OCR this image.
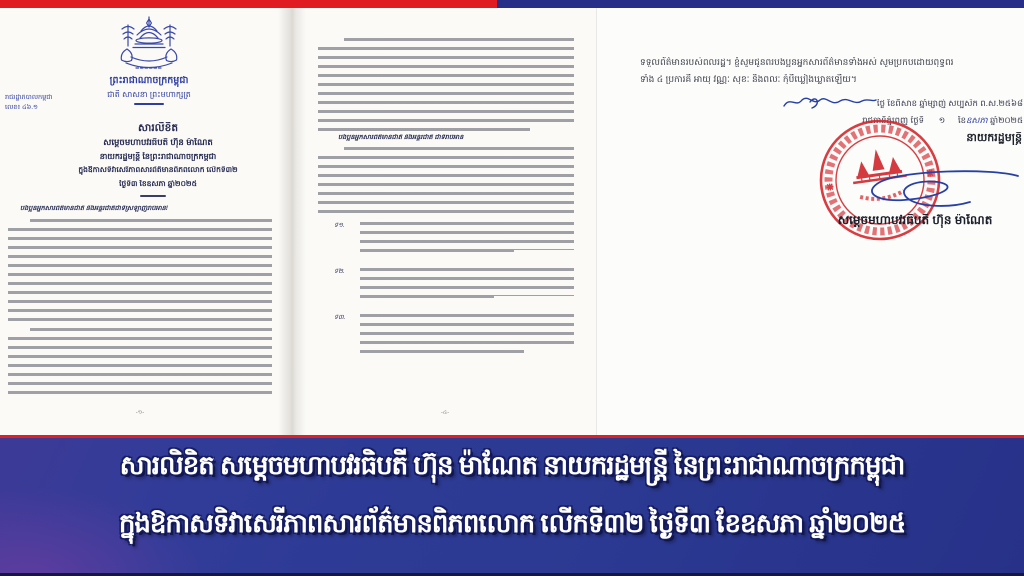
ព្រះរាជាណាចក្រកម្ពុជា
ជាតិ សាសនា ព្រះមហាក្សត្រ
រាជរដ្ឋាភិបាលកម្ពុជា
លេខ៖ ៤៦.១
សារលិខិត
សម្ដេចមហាបវរធិបតី ហ៊ុន ម៉ាណែត
នាយករដ្ឋមន្ត្រី នៃព្រះរាជាណាចក្រកម្ពុជា
ក្នុងឱកាសទិវាសេរីភាពសារព័ត៌មានពិភពលោក លើកទី៣២
ថ្ងៃទី៣ ខែឧសភា ឆ្នាំ២០២៥
បងប្អូនអ្នកសារព័ត៌មានជាតិ និងអន្តរជាតិជាទីស្រឡាញ់រាប់អាន!
-១-
បងប្អូនអ្នកសារព័ត៌មានជាតិ និងអន្តរជាតិ ជាទីរាប់អាន
ទី១.
ទី២.
ទី៣.
-៤-
ទទួលព័ត៌មានរបស់ពលរដ្ឋ។ ខ្ញុំសូមជូនពរបងប្អូនអ្នកសារព័ត៌មានទាំងអស់ សូមប្រកបដោយពុទ្ធពរ
ទាំង ៤ ប្រការគឺ អាយុ វណ្ណៈ សុខៈ និងពលៈ កុំបីឃ្លៀងឃ្លាតឡើយ។
ថ្ងៃ​ ខែពិសាខ ឆ្នាំម្សាញ់ សប្បស័ក ព.ស.២៥៦៨
រាជធានីភ្នំពេញ ថ្ងៃទី ១ ខែឧសភា ឆ្នាំ២០២៥
នាយករដ្ឋមន្ត្រី
សម្ដេចមហាបវរធិបតី ហ៊ុន ម៉ាណែត
សារលិខិត សម្ដេចមហាបវរធិបតី ហ៊ុន ម៉ាណែត នាយករដ្ឋមន្ត្រី នៃព្រះរាជាណាចក្រកម្ពុជា
ក្នុងឱកាសទិវាសេរីភាពសារព័ត៌មានពិភពលោក លើកទី៣២ ថ្ងៃទី៣ ខែឧសភា ឆ្នាំ២០២៥
